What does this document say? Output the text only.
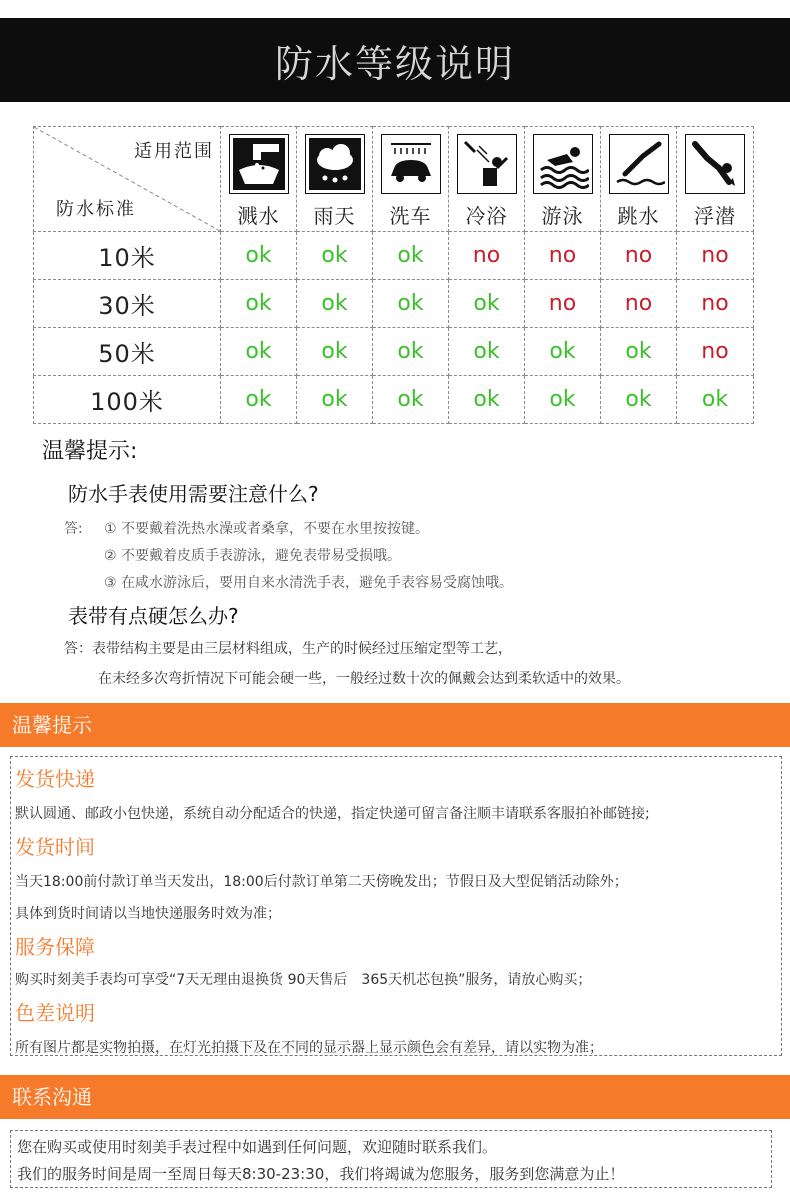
防水等级说明
适用范围
防水标准	溅水	雨天	洗车	冷浴	游泳	跳水	浮潜

10米	ok	ok	ok	no	no	no	no
30米	ok	ok	ok	ok	no	no	no
50米	ok	ok	ok	ok	ok	ok	no
100米	ok	ok	ok	ok	ok	ok	ok
温馨提示:
防水手表使用需要注意什么?
答: ① 不要戴着洗热水澡或者桑拿，不要在水里按按键。
② 不要戴着皮质手表游泳，避免表带易受损哦。
③ 在咸水游泳后，要用自来水清洗手表，避免手表容易受腐蚀哦。
表带有点硬怎么办?
答：表带结构主要是由三层材料组成，生产的时候经过压缩定型等工艺，
在未经多次弯折情况下可能会硬一些，一般经过数十次的佩戴会达到柔软适中的效果。
温馨提示
发货快递
默认圆通、邮政小包快递，系统自动分配适合的快递，指定快递可留言备注顺丰请联系客服拍补邮链接;
发货时间
当天18:00前付款订单当天发出，18:00后付款订单第二天傍晚发出；节假日及大型促销活动除外；
具体到货时间请以当地快递服务时效为准；
服务保障
购买时刻美手表均可享受“7天无理由退换货 90天售后　365天机芯包换”服务，请放心购买；
色差说明
所有图片都是实物拍摄，在灯光拍摄下及在不同的显示器上显示颜色会有差异，请以实物为准；
联系沟通
您在购买或使用时刻美手表过程中如遇到任何问题，欢迎随时联系我们。
我们的服务时间是周一至周日每天8:30-23:30，我们将竭诚为您服务，服务到您满意为止！
